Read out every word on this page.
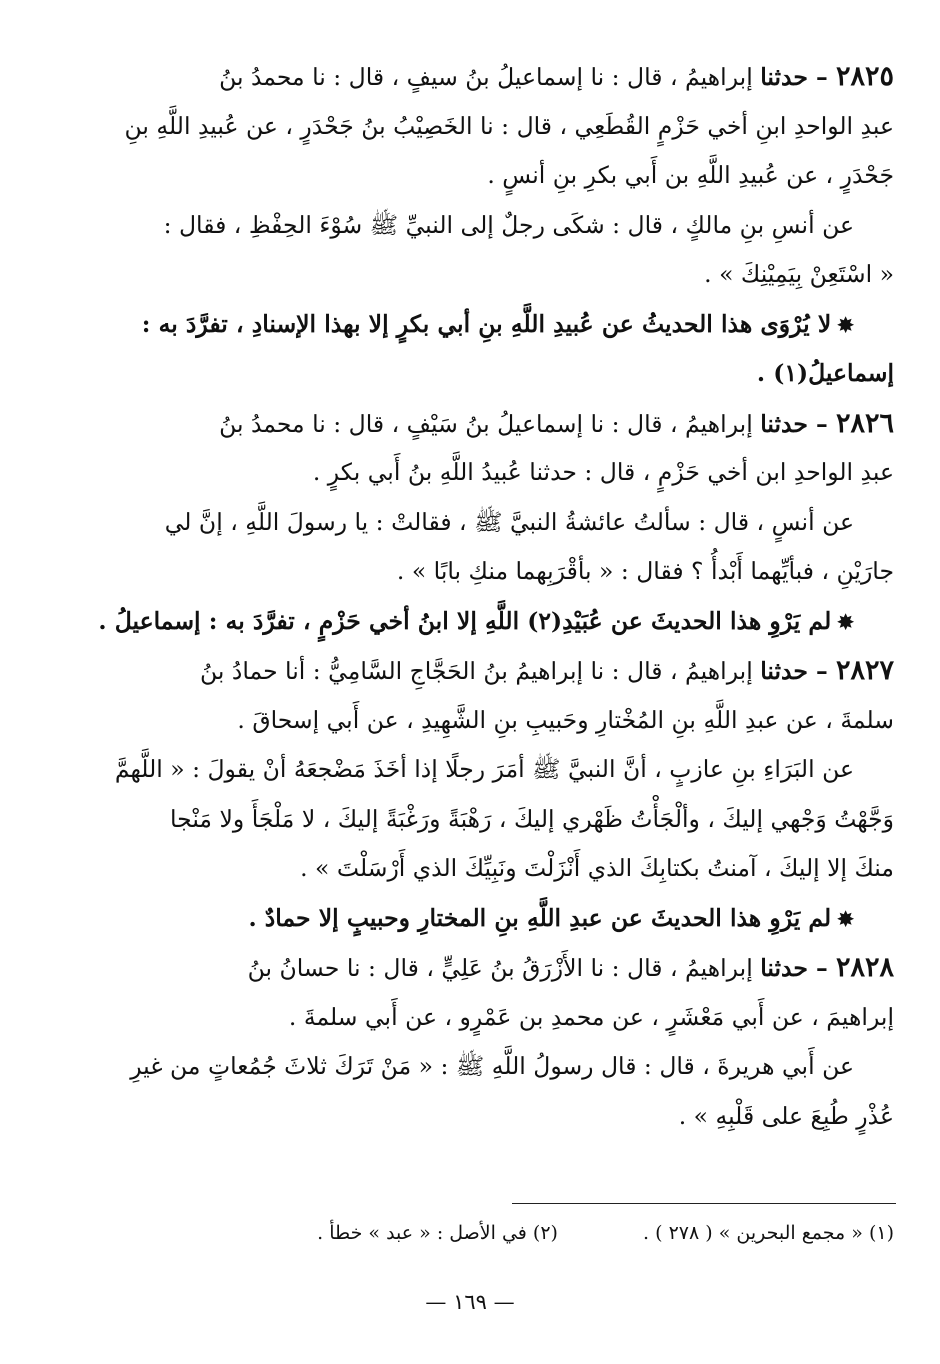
٢٨٢٥ – حدثنا إبراهيمُ ، قال : نا إسماعيلُ بنُ سيفٍ ، قال : نا محمدُ بنُ
عبدِ الواحدِ ابنِ أخي حَزْمٍ القُطَعِي ، قال : نا الخَصِيْبُ بنُ جَحْدَرٍ ، عن عُبيدِ اللَّهِ بنِ
جَحْدَرٍ ، عن عُبيدِ اللَّهِ بن أَبي بكرِ بنِ أنسٍ .
عن أنسِ بنِ مالكٍ ، قال : شكَى رجلٌ إلى النبيِّ ﷺ سُوْءَ الحِفْظِ ، فقال :
« اسْتَعِنْ بِيَمِيْنِكَ » .
✸لا يُرْوَى هذا الحديثُ عن عُبيدِ اللَّهِ بنِ أبي بكرٍ إلا بهذا الإسنادِ ، تفرَّدَ به :
إسماعيلُ(١) .
٢٨٢٦ – حدثنا إبراهيمُ ، قال : نا إسماعيلُ بنُ سَيْفٍ ، قال : نا محمدُ بنُ
عبدِ الواحدِ ابن أخي حَزْمٍ ، قال : حدثنا عُبيدُ اللَّهِ بنُ أَبي بكرٍ .
عن أنسٍ ، قال : سألتُ عائشةُ النبيَّ ﷺ ، فقالتْ : يا رسولَ اللَّهِ ، إنَّ لي
جارَيْنِ ، فبأيِّهما أَبْدأُ ؟ فقال : « بأقْرَبِهما منكِ بابًا » .
✸لم يَرْوِ هذا الحديثَ عن عُبَيْدِ(٢) اللَّهِ إلا ابنُ أخي حَزْمٍ ، تفرَّدَ به : إسماعيلُ .
٢٨٢٧ – حدثنا إبراهيمُ ، قال : نا إبراهيمُ بنُ الحَجَّاجِ السَّامِيُّ : أنا حمادُ بنُ
سلمةَ ، عن عبدِ اللَّهِ بنِ المُخْتارِ وحَبيبِ بنِ الشَّهِيدِ ، عن أَبي إسحاقَ .
عن البَرَاءِ بنِ عازبٍ ، أنَّ النبيَّ ﷺ أمَرَ رجلًا إذا أخَذَ مَضْجعَهُ أنْ يقولَ : « اللَّهمَّ
وَجَّهْتُ وَجْهي إليكَ ، وألْجَأْتُ ظَهْري إليكَ ، رَهْبَةً ورَغْبَةً إليكَ ، لا مَلْجَأَ ولا مَنْجا
منكَ إلا إليكَ ، آمنتُ بكتابِكَ الذي أَنْزَلْتَ ونَبِيِّكَ الذي أَرْسَلْتَ » .
✸لم يَرْوِ هذا الحديثَ عن عبدِ اللَّهِ بنِ المختارِ وحبيبٍ إلا حمادٌ .
٢٨٢٨ – حدثنا إبراهيمُ ، قال : نا الأَزْرَقُ بنُ عَلِيٍّ ، قال : نا حسانُ بنُ
إبراهيمَ ، عن أَبي مَعْشَرٍ ، عن محمدِ بن عَمْرٍو ، عن أَبي سلمةَ .
عن أَبي هريرةَ ، قال : قال رسولُ اللَّهِ ﷺ : « مَنْ تَرَكَ ثلاثَ جُمُعاتٍ من غيرِ
عُذْرٍ طُبِعَ على قَلْبِهِ » .
(١) « مجمع البحرين » ( ٢٧٨ ) . (٢) في الأصل : « عبد » خطأ .
— ١٦٩ —
